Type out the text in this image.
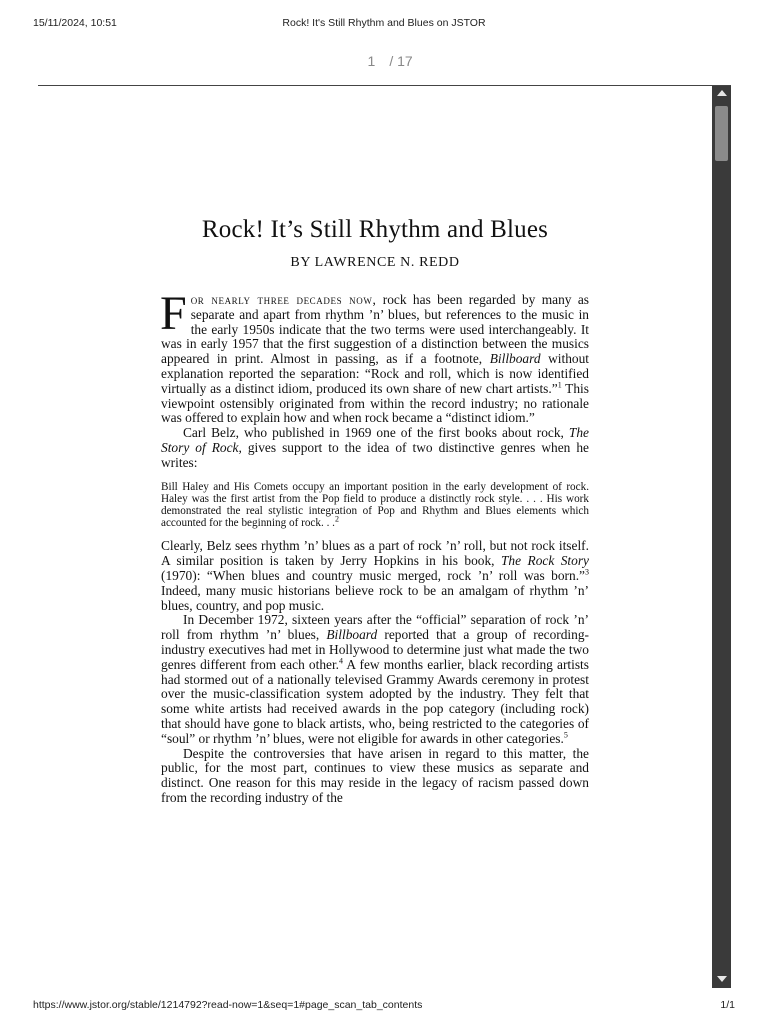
15/11/2024, 10:51	Rock! It's Still Rhythm and Blues on JSTOR
1 / 17
Rock! It’s Still Rhythm and Blues
BY LAWRENCE N. REDD

For nearly three decades now, rock has been regarded by many as separate and apart from rhythm ’n’ blues, but references to the music in the early 1950s indicate that the two terms were used interchangeably. It was in early 1957 that the first suggestion of a distinction between the musics appeared in print. Almost in passing, as if a footnote, Billboard without explanation reported the separation: “Rock and roll, which is now identified virtually as a distinct idiom, produced its own share of new chart artists.”$^1$ This viewpoint ostensibly originated from within the record industry; no rationale was offered to explain how and when rock became a “distinct idiom.”

Carl Belz, who published in 1969 one of the first books about rock, The Story of Rock, gives support to the idea of two distinctive genres when he writes:

Bill Haley and His Comets occupy an important position in the early development of rock. Haley was the first artist from the Pop field to produce a distinctly rock style. . . . His work demonstrated the real stylistic integration of Pop and Rhythm and Blues elements which accounted for the beginning of rock. . .$^2$

Clearly, Belz sees rhythm ’n’ blues as a part of rock ’n’ roll, but not rock itself. A similar position is taken by Jerry Hopkins in his book, The Rock Story (1970): “When blues and country music merged, rock ’n’ roll was born.”$^3$ Indeed, many music historians believe rock to be an amalgam of rhythm ’n’ blues, country, and pop music.

In December 1972, sixteen years after the “official” separation of rock ’n’ roll from rhythm ’n’ blues, Billboard reported that a group of recording-industry executives had met in Hollywood to determine just what made the two genres different from each other.$^4$ A few months earlier, black recording artists had stormed out of a nationally televised Grammy Awards ceremony in protest over the music-classification system adopted by the industry. They felt that some white artists had received awards in the pop category (including rock) that should have gone to black artists, who, being restricted to the categories of “soul” or rhythm ’n’ blues, were not eligible for awards in other categories.$^5$

Despite the controversies that have arisen in regard to this matter, the public, for the most part, continues to view these musics as separate and distinct. One reason for this may reside in the legacy of racism passed down from the recording industry of the

https://www.jstor.org/stable/1214792?read-now=1&seq=1#page_scan_tab_contents	1/1
